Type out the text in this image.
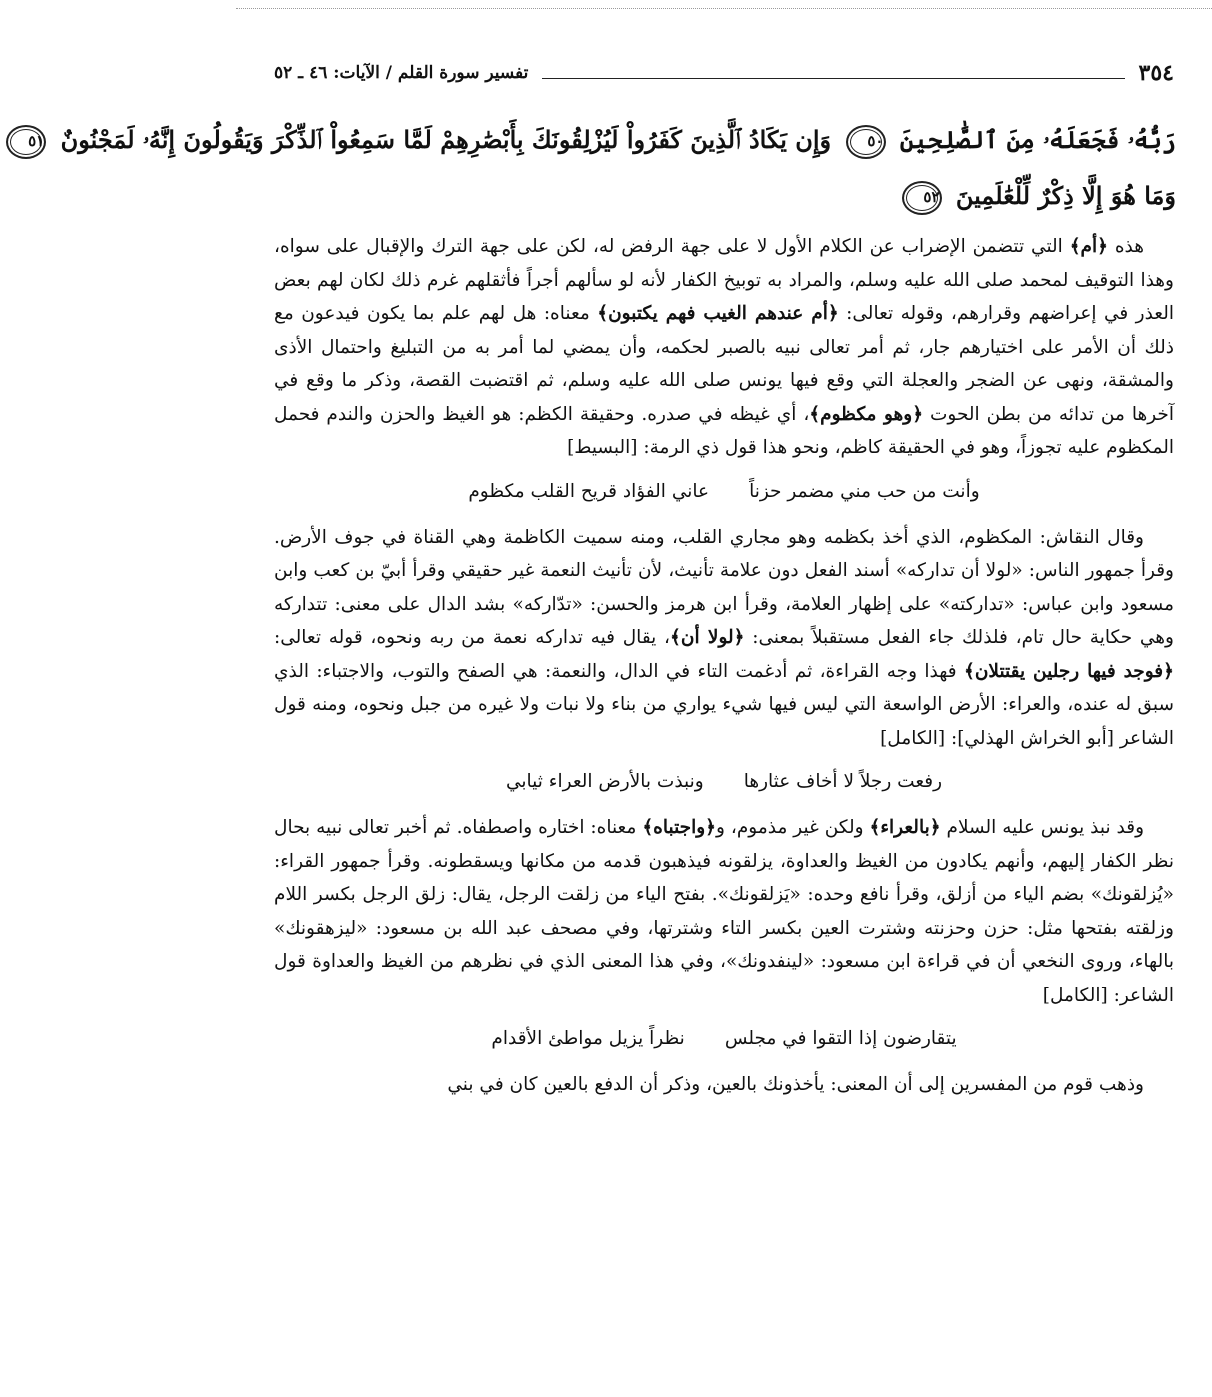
٣٥٤
تفسير سورة القلم / الآيات: ٤٦ ـ ٥٢
رَبُّهُۥ فَجَعَلَهُۥ مِنَ ٱلصَّٰلِحِينَ ٥٠ وَإِن يَكَادُ ٱلَّذِينَ كَفَرُواْ لَيُزْلِقُونَكَ بِأَبْصَٰرِهِمْ لَمَّا سَمِعُواْ ٱلذِّكْرَ وَيَقُولُونَ إِنَّهُۥ لَمَجْنُونٌ ٥١
وَمَا هُوَ إِلَّا ذِكْرٌ لِّلْعَٰلَمِينَ ٥٢

هذه ﴿أم﴾ التي تتضمن الإضراب عن الكلام الأول لا على جهة الرفض له، لكن على جهة الترك والإقبال على سواه، وهذا التوقيف لمحمد صلى الله عليه وسلم، والمراد به توبيخ الكفار لأنه لو سألهم أجراً فأثقلهم غرم ذلك لكان لهم بعض العذر في إعراضهم وقرارهم، وقوله تعالى: ﴿أم عندهم الغيب فهم يكتبون﴾ معناه: هل لهم علم بما يكون فيدعون مع ذلك أن الأمر على اختيارهم جار، ثم أمر تعالى نبيه بالصبر لحكمه، وأن يمضي لما أمر به من التبليغ واحتمال الأذى والمشقة، ونهى عن الضجر والعجلة التي وقع فيها يونس صلى الله عليه وسلم، ثم اقتضبت القصة، وذكر ما وقع في آخرها من تدائه من بطن الحوت ﴿وهو مكظوم﴾، أي غيظه في صدره. وحقيقة الكظم: هو الغيظ والحزن والندم فحمل المكظوم عليه تجوزاً، وهو في الحقيقة كاظم، ونحو هذا قول ذي الرمة: [البسيط]

وأنت من حب مني مضمر حزناً
عاني الفؤاد قريح القلب مكظوم

وقال النقاش: المكظوم، الذي أخذ بكظمه وهو مجاري القلب، ومنه سميت الكاظمة وهي القناة في جوف الأرض. وقرأ جمهور الناس: «لولا أن تداركه» أسند الفعل دون علامة تأنيث، لأن تأنيث النعمة غير حقيقي وقرأ أبيّ بن كعب وابن مسعود وابن عباس: «تداركته» على إظهار العلامة، وقرأ ابن هرمز والحسن: «تدّاركه» بشد الدال على معنى: تتداركه وهي حكاية حال تام، فلذلك جاء الفعل مستقبلاً بمعنى: ﴿لولا أن﴾، يقال فيه تداركه نعمة من ربه ونحوه، قوله تعالى: ﴿فوجد فيها رجلين يقتتلان﴾ فهذا وجه القراءة، ثم أدغمت التاء في الدال، والنعمة: هي الصفح والتوب، والاجتباء: الذي سبق له عنده، والعراء: الأرض الواسعة التي ليس فيها شيء يواري من بناء ولا نبات ولا غيره من جبل ونحوه، ومنه قول الشاعر [أبو الخراش الهذلي]: [الكامل]

رفعت رجلاً لا أخاف عثارها
ونبذت بالأرض العراء ثيابي

وقد نبذ يونس عليه السلام ﴿بالعراء﴾ ولكن غير مذموم، و﴿واجتباه﴾ معناه: اختاره واصطفاه. ثم أخبر تعالى نبيه بحال نظر الكفار إليهم، وأنهم يكادون من الغيظ والعداوة، يزلقونه فيذهبون قدمه من مكانها ويسقطونه. وقرأ جمهور القراء: «يُزلقونك» بضم الياء من أزلق، وقرأ نافع وحده: «يَزلقونك». بفتح الياء من زلقت الرجل، يقال: زلق الرجل بكسر اللام وزلقته بفتحها مثل: حزن وحزنته وشترت العين بكسر التاء وشترتها، وفي مصحف عبد الله بن مسعود: «ليزهقونك» بالهاء، وروى النخعي أن في قراءة ابن مسعود: «لينفدونك»، وفي هذا المعنى الذي في نظرهم من الغيظ والعداوة قول الشاعر: [الكامل]

يتقارضون إذا التقوا في مجلس
نظراً يزيل مواطئ الأقدام

وذهب قوم من المفسرين إلى أن المعنى: يأخذونك بالعين، وذكر أن الدفع بالعين كان في بني
